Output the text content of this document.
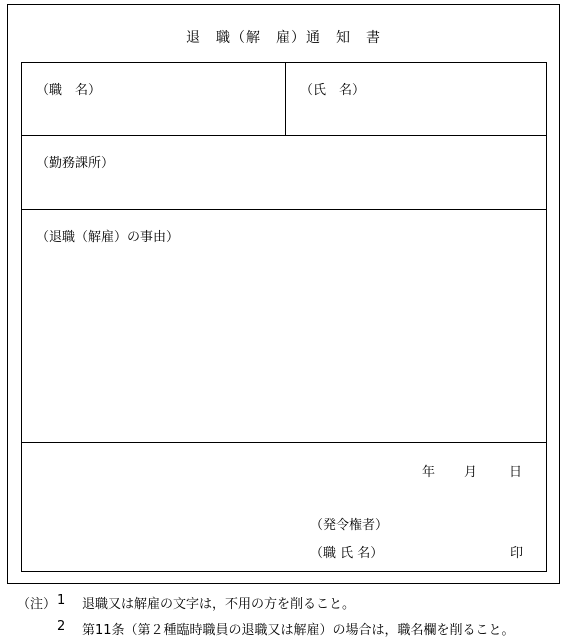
退　職（解　雇）通　知　書
（職　名）	（氏　名）
（勤務課所）
（退職（解雇）の事由）
年 月 日
（発令権者）
（職 氏 名）	印
（注） 1 退職又は解雇の文字は，不用の方を削ること。
2 第11条（第２種臨時職員の退職又は解雇）の場合は，職名欄を削ること。
